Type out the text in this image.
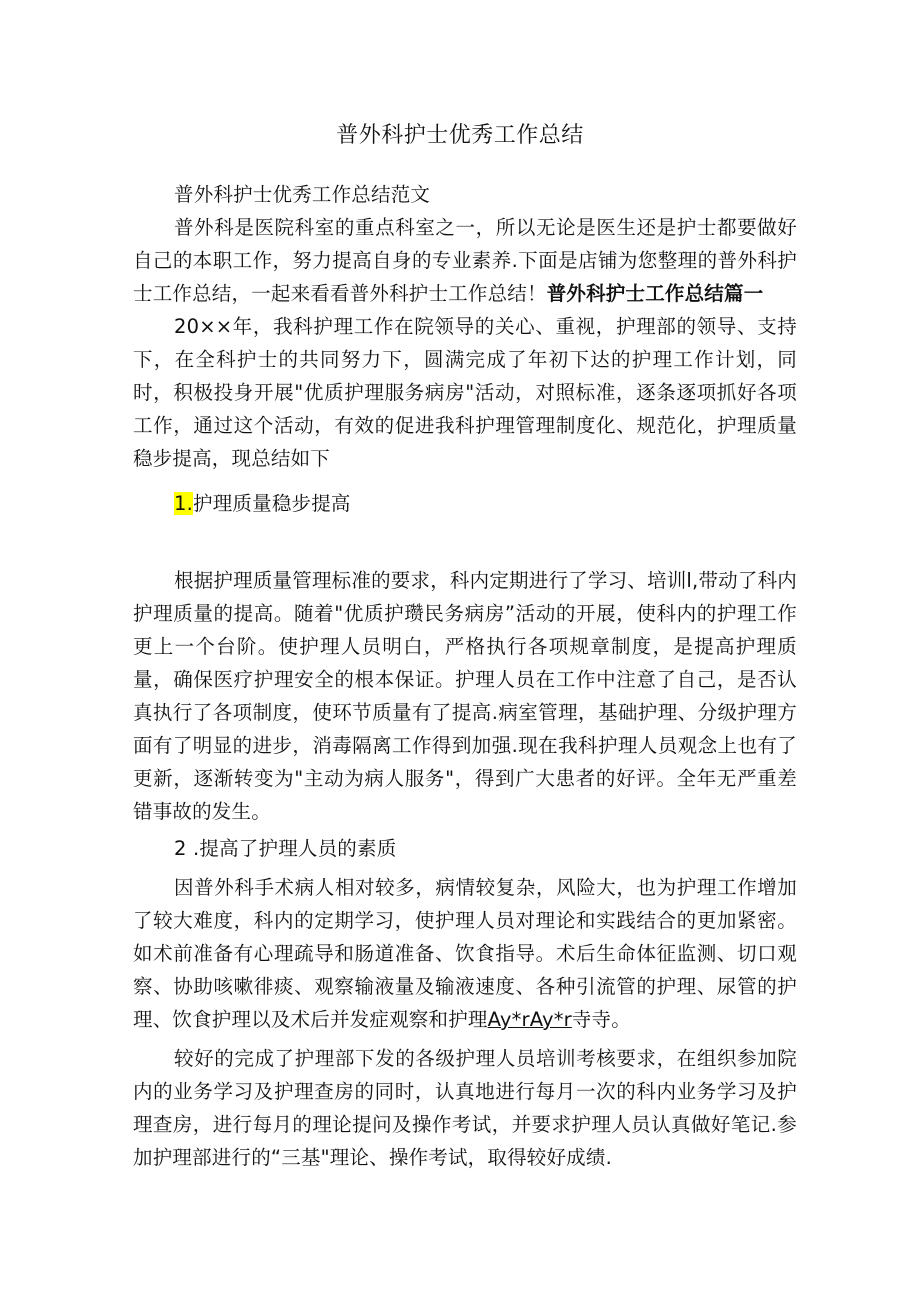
普外科护士优秀工作总结

普外科护士优秀工作总结范文

普外科是医院科室的重点科室之一，所以无论是医生还是护士都要做好自己的本职工作，努力提高自身的专业素养.下面是店铺为您整理的普外科护士工作总结，一起来看看普外科护士工作总结！普外科护士工作总结篇一

20××年，我科护理工作在院领导的关心、重视，护理部的领导、支持下，在全科护士的共同努力下，圆满完成了年初下达的护理工作计划，同时，积极投身开展"优质护理服务病房"活动，对照标准，逐条逐项抓好各项工作，通过这个活动，有效的促进我科护理管理制度化、规范化，护理质量稳步提高，现总结如下

1.护理质量稳步提高

根据护理质量管理标准的要求，科内定期进行了学习、培训l,带动了科内护理质量的提高。随着"优质护瓒民务病房”活动的开展，使科内的护理工作更上一个台阶。使护理人员明白，严格执行各项规章制度，是提高护理质量，确保医疗护理安全的根本保证。护理人员在工作中注意了自己，是否认真执行了各项制度，使环节质量有了提高.病室管理，基础护理、分级护理方面有了明显的进步，消毒隔离工作得到加强.现在我科护理人员观念上也有了更新，逐渐转变为"主动为病人服务"，得到广大患者的好评。全年无严重差错事故的发生。

2 .提高了护理人员的素质

因普外科手术病人相对较多，病情较复杂，风险大，也为护理工作增加了较大难度，科内的定期学习，使护理人员对理论和实践结合的更加紧密。如术前准备有心理疏导和肠道准备、饮食指导。术后生命体征监测、切口观察、协助咳嗽徘痰、观察输液量及输液速度、各种引流管的护理、尿管的护理、饮食护理以及术后并发症观察和护理Ay*rAy*r寺寺。

较好的完成了护理部下发的各级护理人员培训考核要求，在组织参加院内的业务学习及护理查房的同时，认真地进行每月一次的科内业务学习及护理查房，进行每月的理论提问及操作考试，并要求护理人员认真做好笔记.参加护理部进行的“三基"理论、操作考试，取得较好成绩.
